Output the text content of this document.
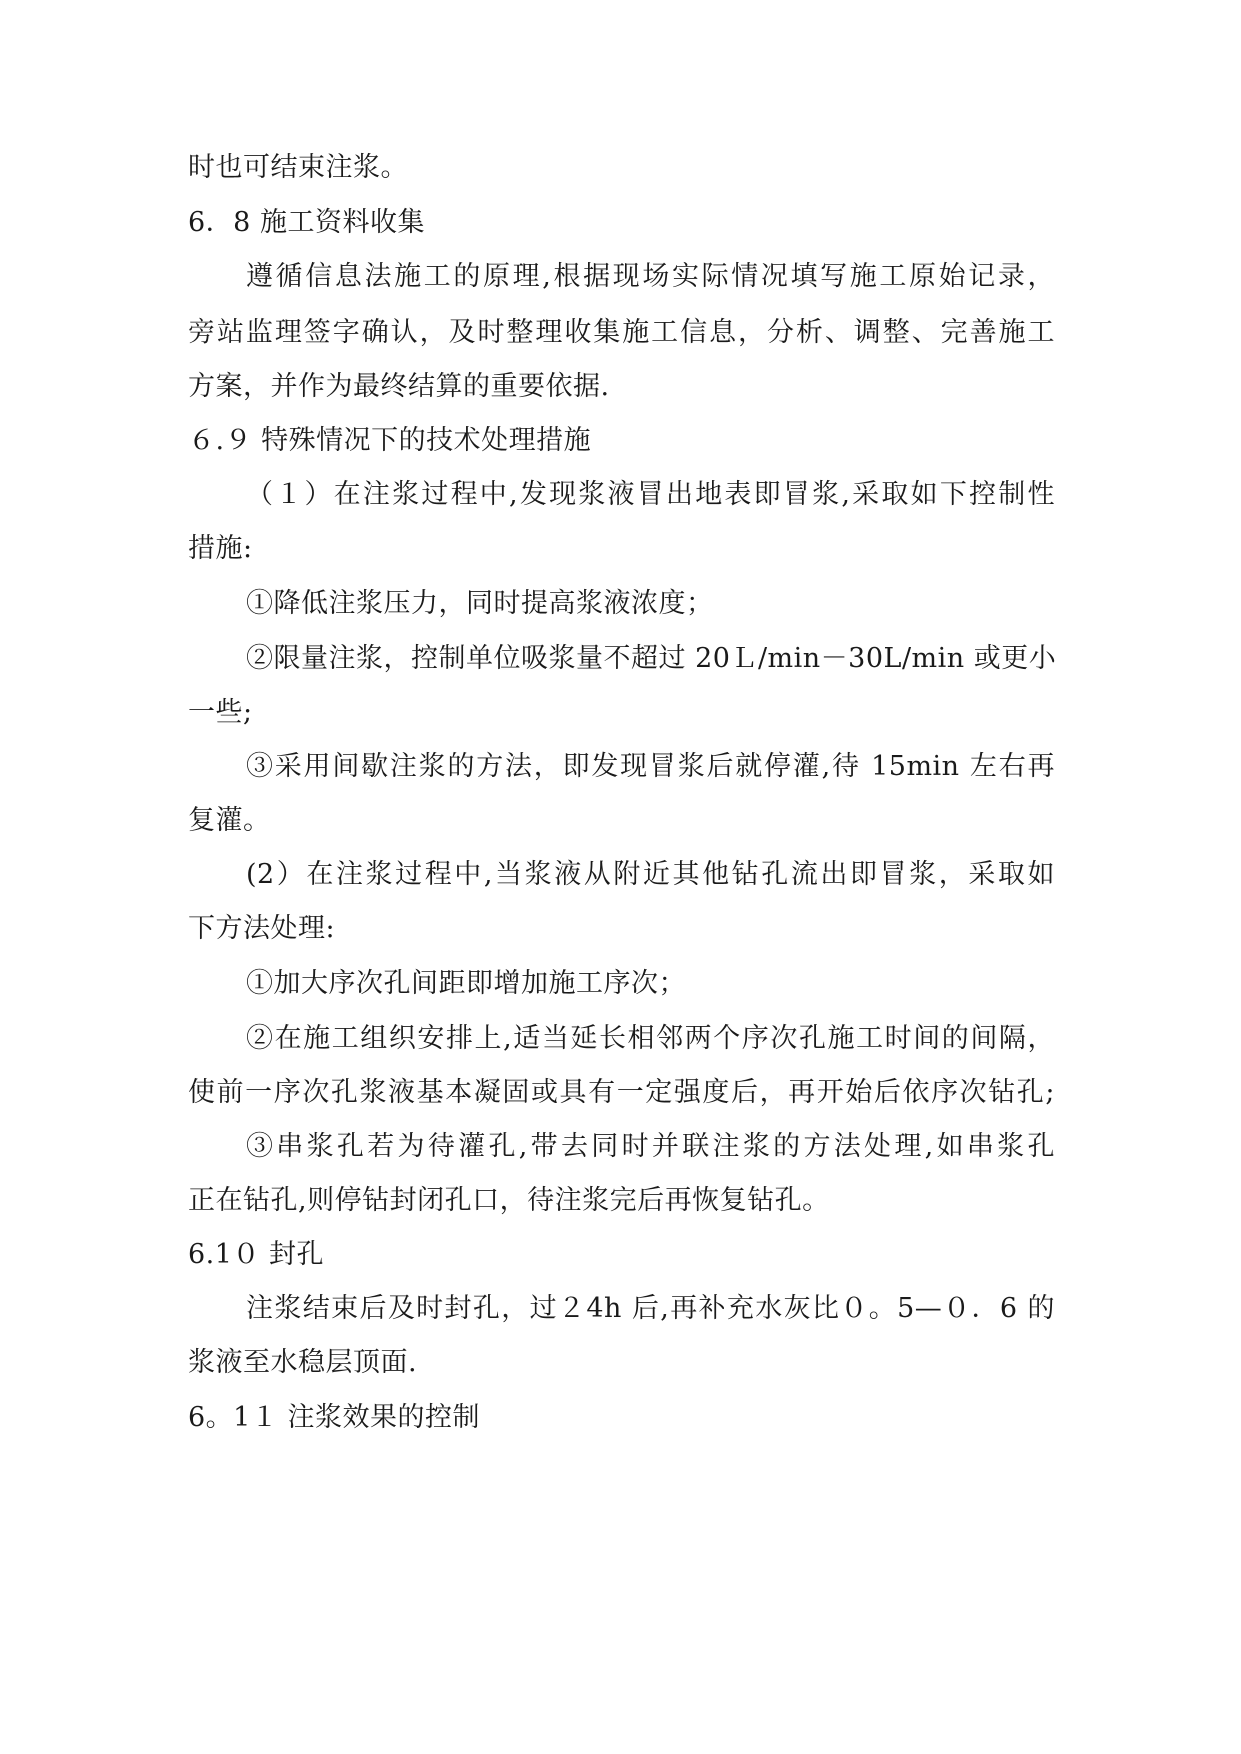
时也可结束注浆。
6．8 施工资料收集
遵循信息法施工的原理,根据现场实际情况填写施工原始记录，
旁站监理签字确认，及时整理收集施工信息，分析、调整、完善施工
方案，并作为最终结算的重要依据.
６.９ 特殊情况下的技术处理措施
（１）在注浆过程中,发现浆液冒出地表即冒浆,采取如下控制性
措施:
①降低注浆压力，同时提高浆液浓度；
②限量注浆，控制单位吸浆量不超过 20Ｌ/min－30L/min 或更小
一些;
③采用间歇注浆的方法，即发现冒浆后就停灌,待 15min 左右再
复灌。
(2）在注浆过程中,当浆液从附近其他钻孔流出即冒浆，采取如
下方法处理:
①加大序次孔间距即增加施工序次；
②在施工组织安排上,适当延长相邻两个序次孔施工时间的间隔，
使前一序次孔浆液基本凝固或具有一定强度后，再开始后依序次钻孔;
③串浆孔若为待灌孔,带去同时并联注浆的方法处理,如串浆孔
正在钻孔,则停钻封闭孔口，待注浆完后再恢复钻孔。
6.1０ 封孔
注浆结束后及时封孔，过２4h 后,再补充水灰比０。5—０．6 的
浆液至水稳层顶面.
6。1１ 注浆效果的控制
